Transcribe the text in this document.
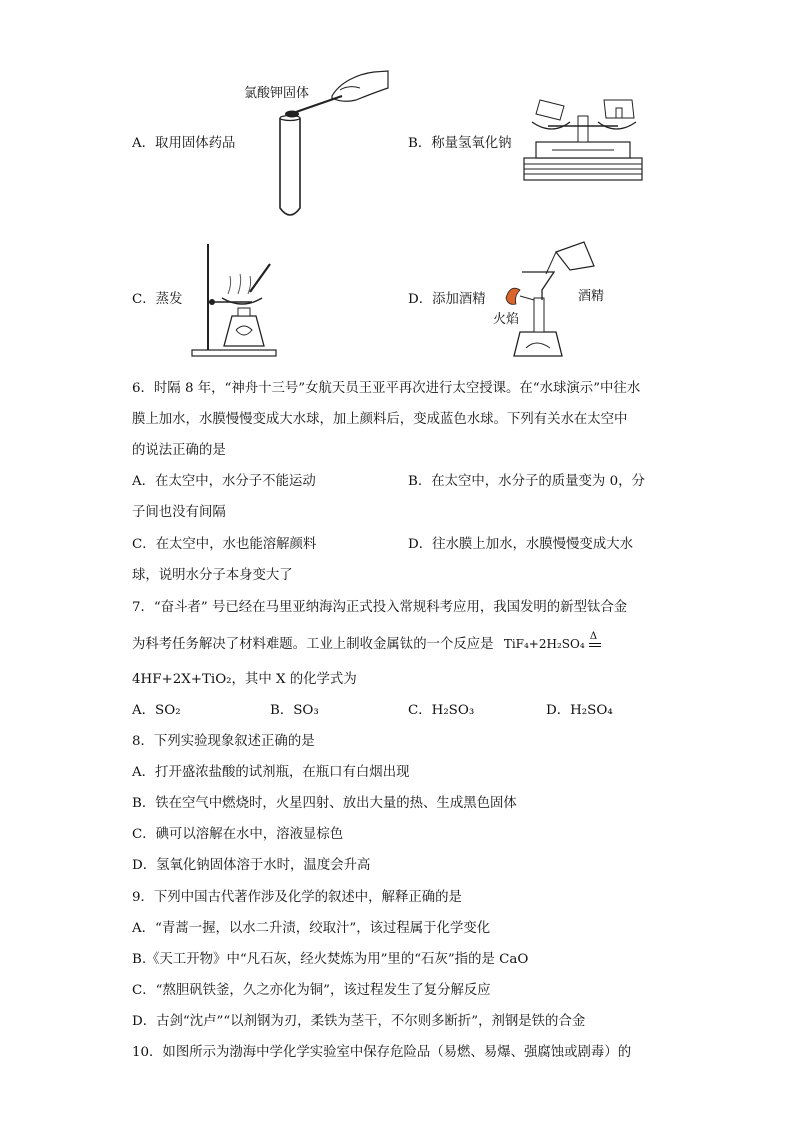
氯酸钾固体
A．取用固体药品	B．称量氢氧化钠
C．蒸发	D．添加酒精	酒精
火焰
6．时隔 8 年，“神舟十三号”女航天员王亚平再次进行太空授课。在“水球演示”中往水
膜上加水，水膜慢慢变成大水球，加上颜料后，变成蓝色水球。下列有关水在太空中
的说法正确的是
A．在太空中，水分子不能运动	B．在太空中，水分子的质量变为 0，分
子间也没有间隔
C．在太空中，水也能溶解颜料	D．往水膜上加水，水膜慢慢变成大水
球，说明水分子本身变大了
7．“奋斗者” 号已经在马里亚纳海沟正式投入常规科考应用，我国发明的新型钛合金
为科考任务解决了材料难题。工业上制收金属钛的一个反应是 TiF₄+2H₂SO₄
Δ
4HF+2X+TiO₂，其中 X 的化学式为
A．SO₂	B．SO₃	C．H₂SO₃	D．H₂SO₄
8．下列实验现象叙述正确的是
A．打开盛浓盐酸的试剂瓶，在瓶口有白烟出现
B．铁在空气中燃烧时，火星四射、放出大量的热、生成黑色固体
C．碘可以溶解在水中，溶液显棕色
D．氢氧化钠固体溶于水时，温度会升高
9．下列中国古代著作涉及化学的叙述中，解释正确的是
A．“青蒿一握，以水二升渍，绞取汁”，该过程属于化学变化
B.《天工开物》中“凡石灰，经火焚炼为用”里的“石灰”指的是 CaO
C．“熬胆矾铁釜，久之亦化为铜”，该过程发生了复分解反应
D．古剑“沈卢”“以剂钢为刃，柔铁为茎干，不尔则多断折”，剂钢是铁的合金
10．如图所示为渤海中学化学实验室中保存危险品（易燃、易爆、强腐蚀或剧毒）的
